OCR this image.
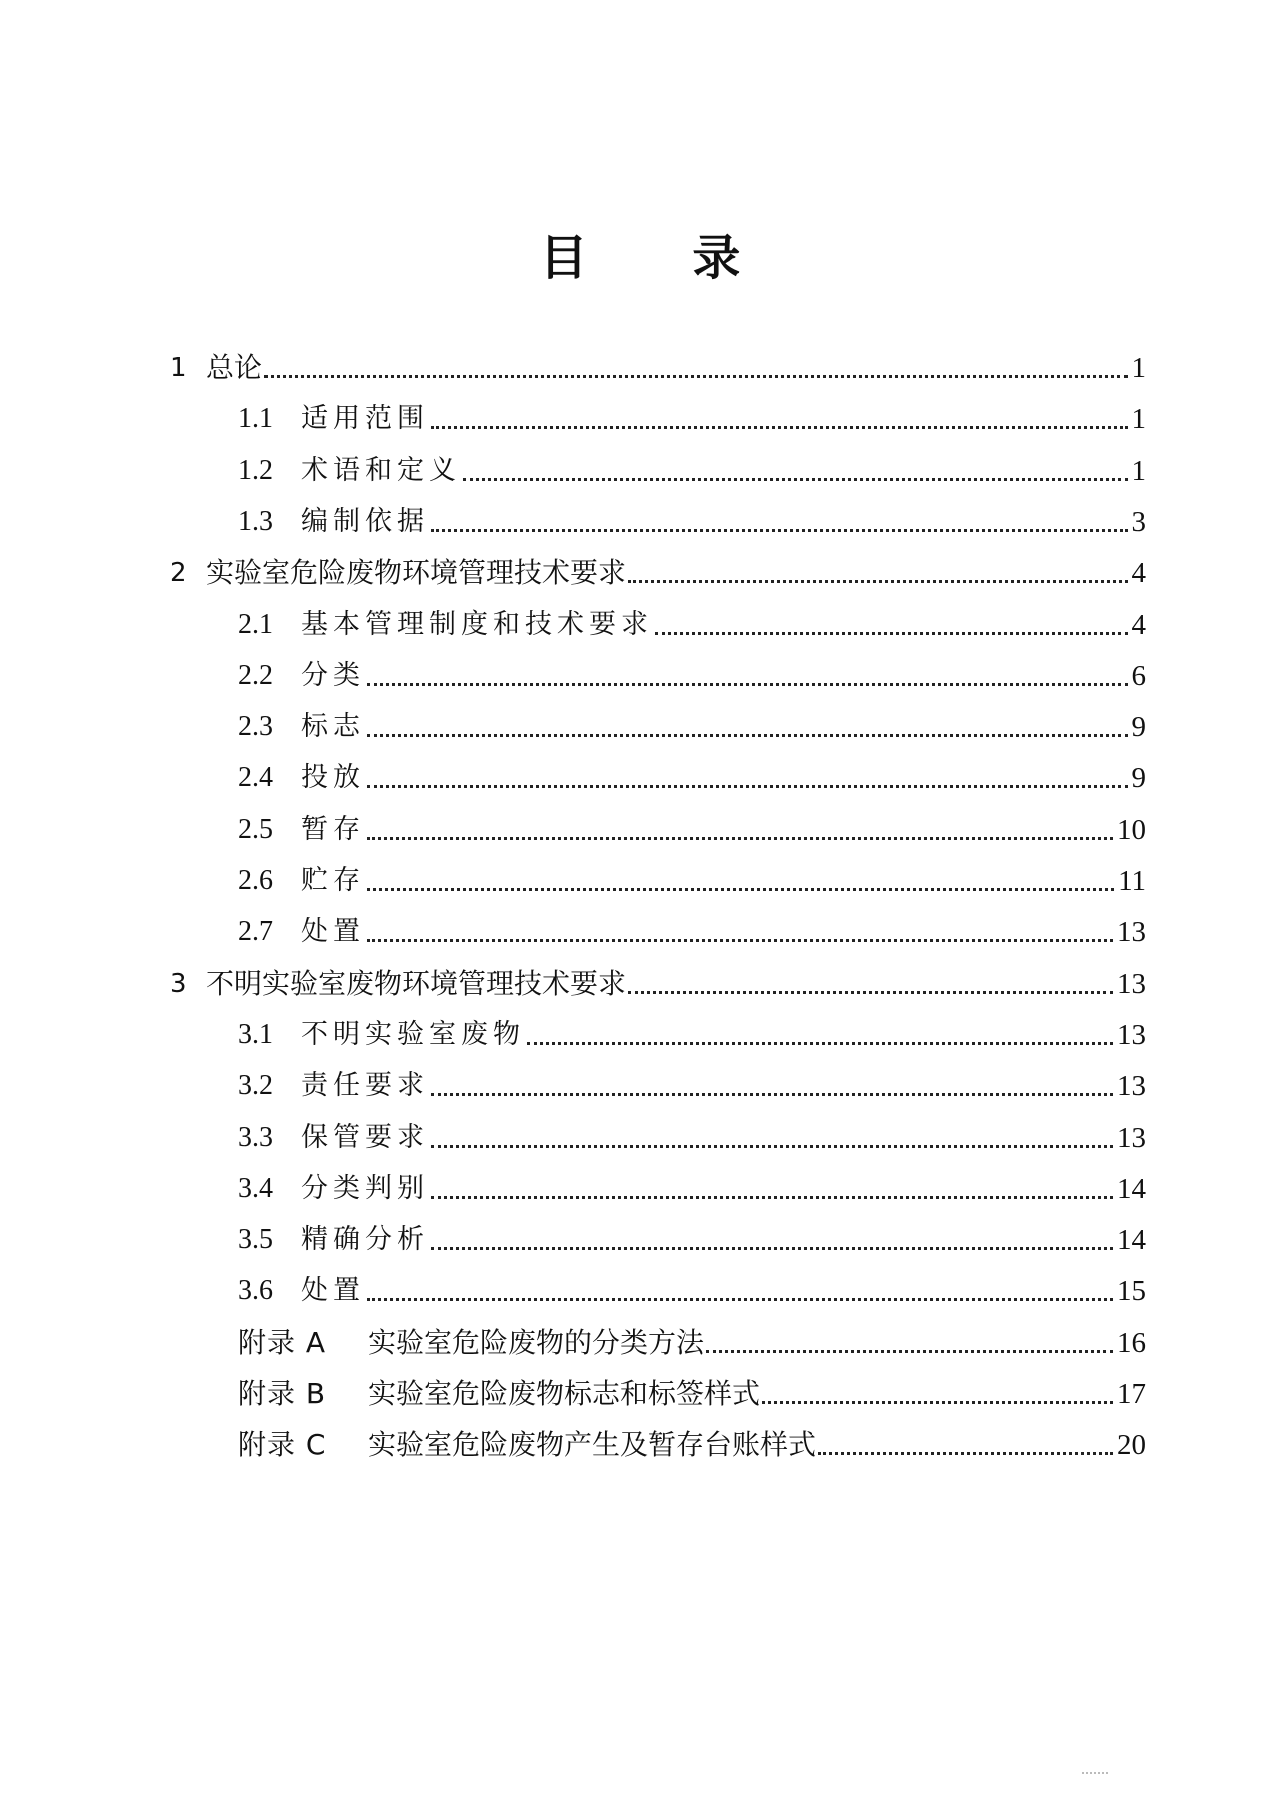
目 录
1 总论	1
1.1	适用范围	1
1.2	术语和定义	1
1.3	编制依据	3
2 实验室危险废物环境管理技术要求	4
2.1	基本管理制度和技术要求	4
2.2	分类	6
2.3	标志	9
2.4	投放	9
2.5	暂存	10
2.6	贮存	11
2.7	处置	13
3 不明实验室废物环境管理技术要求	13
3.1	不明实验室废物	13
3.2	责任要求	13
3.3	保管要求	13
3.4	分类判别	14
3.5	精确分析	14
3.6	处置	15
附录 A	实验室危险废物的分类方法	16
附录 B	实验室危险废物标志和标签样式	17
附录 C	实验室危险废物产生及暂存台账样式	20
